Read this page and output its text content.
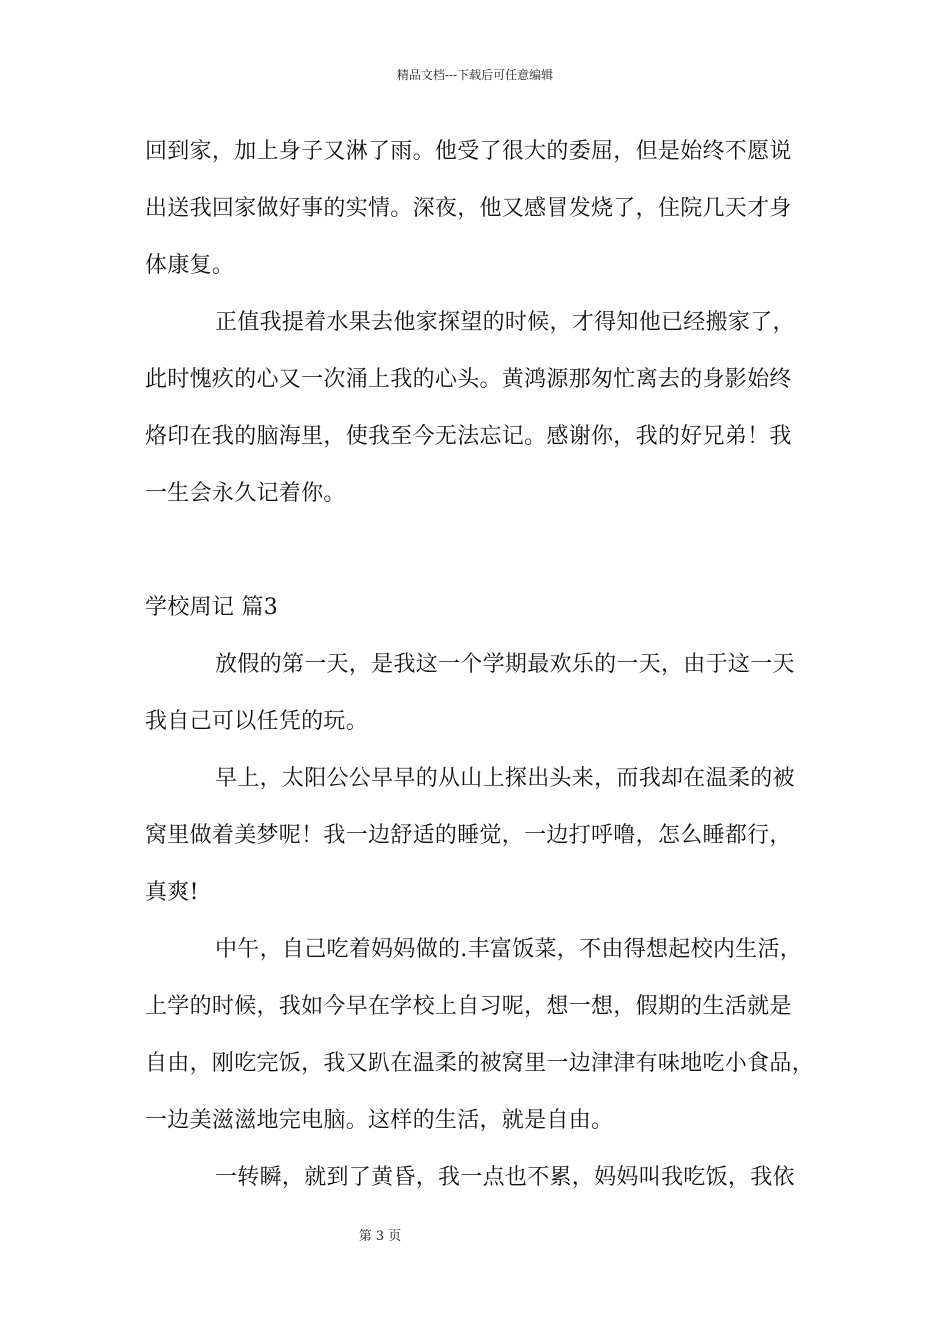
精品文档---下载后可任意编辑
回到家，加上身子又淋了雨。他受了很大的委屈，但是始终不愿说
出送我回家做好事的实情。深夜，他又感冒发烧了，住院几天才身
体康复。
正值我提着水果去他家探望的时候，才得知他已经搬家了，
此时愧疚的心又一次涌上我的心头。黄鸿源那匆忙离去的身影始终
烙印在我的脑海里，使我至今无法忘记。感谢你，我的好兄弟！我
一生会永久记着你。
学校周记 篇3
放假的第一天，是我这一个学期最欢乐的一天，由于这一天
我自己可以任凭的玩。
早上，太阳公公早早的从山上探出头来，而我却在温柔的被
窝里做着美梦呢！我一边舒适的睡觉，一边打呼噜，怎么睡都行，
真爽!
中午，自己吃着妈妈做的.丰富饭菜，不由得想起校内生活，
上学的时候，我如今早在学校上自习呢，想一想，假期的生活就是
自由，刚吃完饭，我又趴在温柔的被窝里一边津津有味地吃小食品，
一边美滋滋地完电脑。这样的生活，就是自由。
一转瞬，就到了黄昏，我一点也不累，妈妈叫我吃饭，我依
第 3 页
